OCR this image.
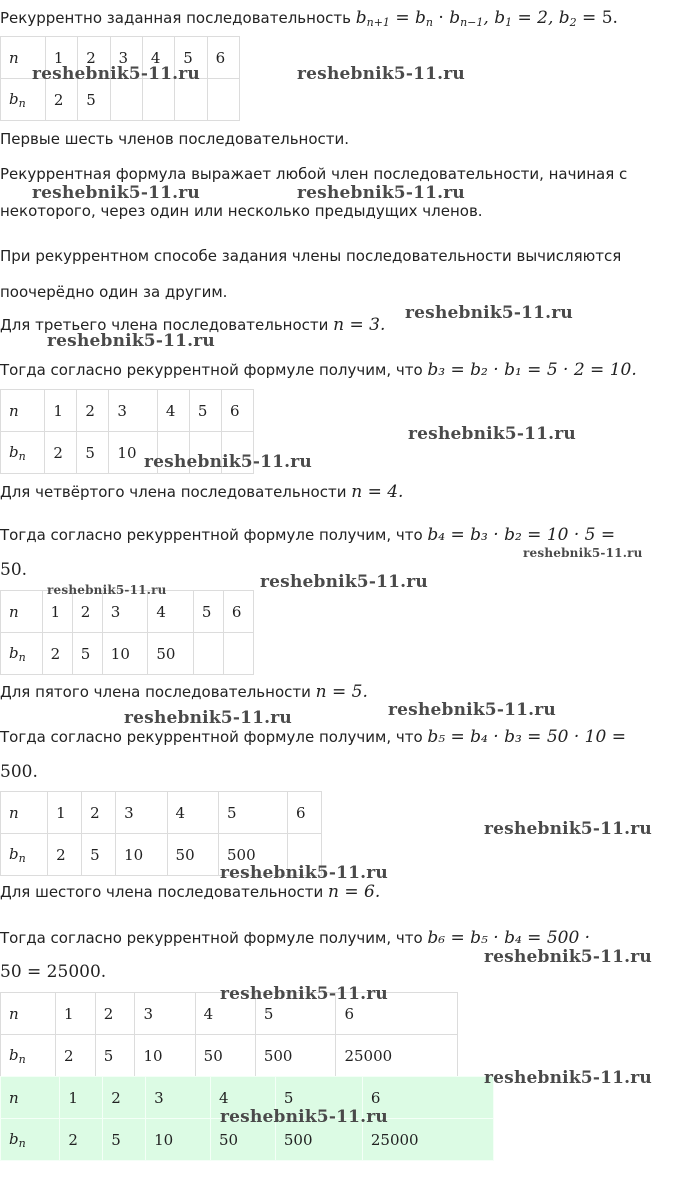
Рекуррентно заданная последовательность $b_{n+1} = b_n \cdot b_{n-1}$, $b_1 = 2$, $b_2 = 5$.
n	1	2	3	4	5	6
$b_n$	2	5				
Первые шесть членов последовательности.
Рекуррентная формула выражает любой член последовательности, начиная с
некоторого, через один или несколько предыдущих членов.
При рекуррентном способе задания члены последовательности вычисляются
поочерёдно один за другим.
Для третьего члена последовательности n = 3.
Тогда согласно рекуррентной формуле получим, что b₃ = b₂ · b₁ = 5 · 2 = 10.
n	1	2	3	4	5	6
$b_n$	2	5	10			
Для четвёртого члена последовательности n = 4.
Тогда согласно рекуррентной формуле получим, что b₄ = b₃ · b₂ = 10 · 5 =
50.
n	1	2	3	4	5	6
$b_n$	2	5	10	50		
Для пятого члена последовательности n = 5.
Тогда согласно рекуррентной формуле получим, что b₅ = b₄ · b₃ = 50 · 10 =
500.
n	1	2	3	4	5	6
$b_n$	2	5	10	50	500	
Для шестого члена последовательности n = 6.
Тогда согласно рекуррентной формуле получим, что b₆ = b₅ · b₄ = 500 ·
50 = 25000.
n	1	2	3	4	5	6
$b_n$	2	5	10	50	500	25000
n	1	2	3	4	5	6
$b_n$	2	5	10	50	500	25000
reshebnik5-11.ru	reshebnik5-11.ru
reshebnik5-11.ru	reshebnik5-11.ru
reshebnik5-11.ru
reshebnik5-11.ru
reshebnik5-11.ru
reshebnik5-11.ru
reshebnik5-11.ru
reshebnik5-11.ru
reshebnik5-11.ru
reshebnik5-11.ru
reshebnik5-11.ru
reshebnik5-11.ru
reshebnik5-11.ru
reshebnik5-11.ru
reshebnik5-11.ru
reshebnik5-11.ru
reshebnik5-11.ru
